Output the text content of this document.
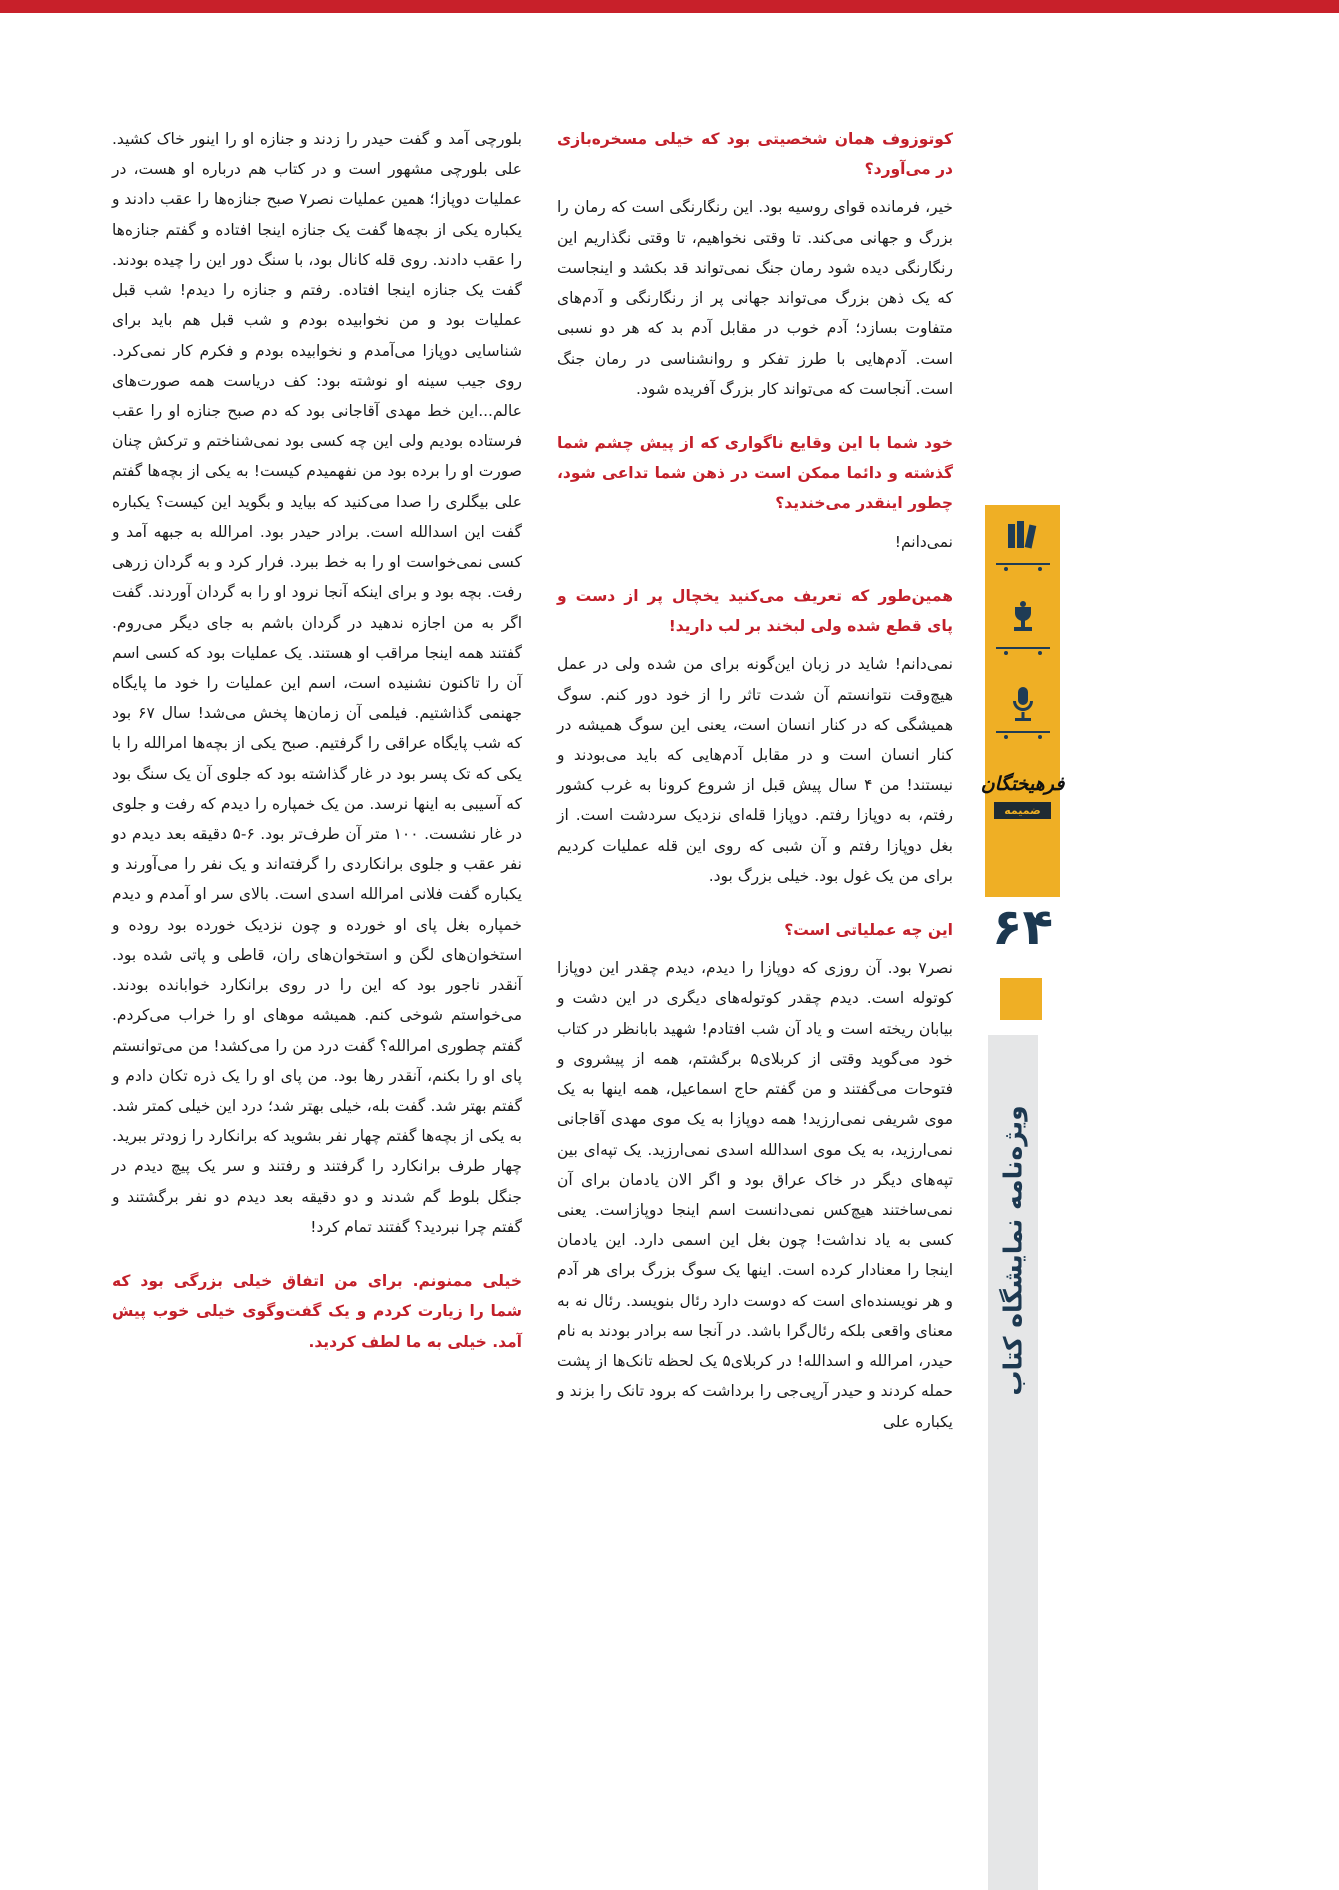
کوتوزوف همان شخصیتی بود که خیلی مسخره‌بازی در می‌آورد؟

خیر، فرمانده قوای روسیه بود. این رنگارنگی است که رمان را بزرگ و جهانی می‌کند. تا وقتی نخواهیم، تا وقتی نگذاریم این رنگارنگی دیده شود رمان جنگ نمی‌تواند قد بکشد و اینجاست که یک ذهن بزرگ می‌تواند جهانی پر از رنگارنگی و آدم‌های متفاوت بسازد؛ آدم خوب در مقابل آدم بد که هر دو نسبی است. آدم‌هایی با طرز تفکر و روانشناسی در رمان جنگ است. آنجاست که می‌تواند کار بزرگ آفریده شود.

خود شما با این وقایع ناگواری که از پیش چشم شما گذشته و دائما ممکن است در ذهن شما تداعی شود، چطور اینقدر می‌خندید؟

نمی‌دانم!

همین‌طور که تعریف می‌کنید یخچال پر از دست و پای قطع شده ولی لبخند بر لب دارید!

نمی‌دانم! شاید در زبان این‌گونه برای من شده ولی در عمل هیچ‌وقت نتوانستم آن شدت تاثر را از خود دور کنم. سوگ همیشگی که در کنار انسان است، یعنی این سوگ همیشه در کنار انسان است و در مقابل آدم‌هایی که باید می‌بودند و نیستند! من ۴ سال پیش قبل از شروع کرونا به غرب کشور رفتم، به دوپازا رفتم. دوپازا قله‌ای نزدیک سردشت است. از بغل دوپازا رفتم و آن شبی که روی این قله عملیات کردیم برای من یک غول بود. خیلی بزرگ بود.

این چه عملیاتی است؟

نصر۷ بود. آن روزی که دوپازا را دیدم، دیدم چقدر این دوپازا کوتوله است. دیدم چقدر کوتوله‌های دیگری در این دشت و بیابان ریخته است و یاد آن شب افتادم! شهید بابانظر در کتاب خود می‌گوید وقتی از کربلای۵ برگشتم، همه از پیشروی و فتوحات می‌گفتند و من گفتم حاج اسماعیل، همه اینها به یک موی شریفی نمی‌ارزید! همه دوپازا به یک موی مهدی آقاجانی نمی‌ارزید، به یک موی اسدالله اسدی نمی‌ارزید. یک تپه‌ای بین تپه‌های دیگر در خاک عراق بود و اگر الان یادمان برای آن نمی‌ساختند هیچ‌کس نمی‌دانست اسم اینجا دوپازاست. یعنی کسی به یاد نداشت! چون بغل این اسمی دارد. این یادمان اینجا را معنادار کرده است. اینها یک سوگ بزرگ برای هر آدم و هر نویسنده‌ای است که دوست دارد رئال بنویسد. رئال نه به معنای واقعی بلکه رئال‌گرا باشد. در آنجا سه برادر بودند به نام حیدر، امرالله و اسدالله! در کربلای۵ یک لحظه تانک‌ها از پشت حمله کردند و حیدر آرپی‌جی را برداشت که برود تانک را بزند و یکباره علی

بلورچی آمد و گفت حیدر را زدند و جنازه او را اینور خاک کشید. علی بلورچی مشهور است و در کتاب هم درباره او هست، در عملیات دوپازا؛ همین عملیات نصر۷ صبح جنازه‌ها را عقب دادند و یکباره یکی از بچه‌ها گفت یک جنازه اینجا افتاده و گفتم جنازه‌ها را عقب دادند. روی قله کانال بود، با سنگ دور این را چیده بودند. گفت یک جنازه اینجا افتاده. رفتم و جنازه را دیدم! شب قبل عملیات بود و من نخوابیده بودم و شب قبل هم باید برای شناسایی دوپازا می‌آمدم و نخوابیده بودم و فکرم کار نمی‌کرد. روی جیب سینه او نوشته بود: کف دریاست همه صورت‌های عالم...این خط مهدی آقاجانی بود که دم صبح جنازه او را عقب فرستاده بودیم ولی این چه کسی بود نمی‌شناختم و ترکش چنان صورت او را برده بود من نفهمیدم کیست! به یکی از بچه‌ها گفتم علی بیگلری را صدا می‌کنید که بیاید و بگوید این کیست؟ یکباره گفت این اسدالله است. برادر حیدر بود. امرالله به جبهه آمد و کسی نمی‌خواست او را به خط ببرد. فرار کرد و به گردان زرهی رفت. بچه بود و برای اینکه آنجا نرود او را به گردان آوردند. گفت اگر به من اجازه ندهید در گردان باشم به جای دیگر می‌روم. گفتند همه اینجا مراقب او هستند. یک عملیات بود که کسی اسم آن را تاکنون نشنیده است، اسم این عملیات را خود ما پایگاه جهنمی گذاشتیم. فیلمی آن زمان‌ها پخش می‌شد! سال ۶۷ بود که شب پایگاه عراقی را گرفتیم. صبح یکی از بچه‌ها امرالله را با یکی که تک پسر بود در غار گذاشته بود که جلوی آن یک سنگ بود که آسیبی به اینها نرسد. من یک خمپاره را دیدم که رفت و جلوی در غار نشست. ۱۰۰ متر آن طرف‌تر بود. ۶-۵ دقیقه بعد دیدم دو نفر عقب و جلوی برانکاردی را گرفته‌اند و یک نفر را می‌آورند و یکباره گفت فلانی امرالله اسدی است. بالای سر او آمدم و دیدم خمپاره بغل پای او خورده و چون نزدیک خورده بود روده و استخوان‌های لگن و استخوان‌های ران، قاطی و پاتی شده بود. آنقدر ناجور بود که این را در روی برانکارد خوابانده بودند. می‌خواستم شوخی کنم. همیشه موهای او را خراب می‌کردم. گفتم چطوری امرالله؟ گفت درد من را می‌کشد! من می‌توانستم پای او را بکنم، آنقدر رها بود. من پای او را یک ذره تکان دادم و گفتم بهتر شد. گفت بله، خیلی بهتر شد؛ درد این خیلی کمتر شد. به یکی از بچه‌ها گفتم چهار نفر بشوید که برانکارد را زودتر ببرید. چهار طرف برانکارد را گرفتند و رفتند و سر یک پیچ دیدم در جنگل بلوط گم شدند و دو دقیقه بعد دیدم دو نفر برگشتند و گفتم چرا نبردید؟ گفتند تمام کرد!

خیلی ممنونم. برای من اتفاق خیلی بزرگی بود که شما را زیارت کردم و یک گفت‌وگوی خیلی خوب پیش آمد. خیلی به ما لطف کردید.

فرهیختگان
ضمیمه
۶۴
ویژه‌نامه نمایشگاه کتاب
